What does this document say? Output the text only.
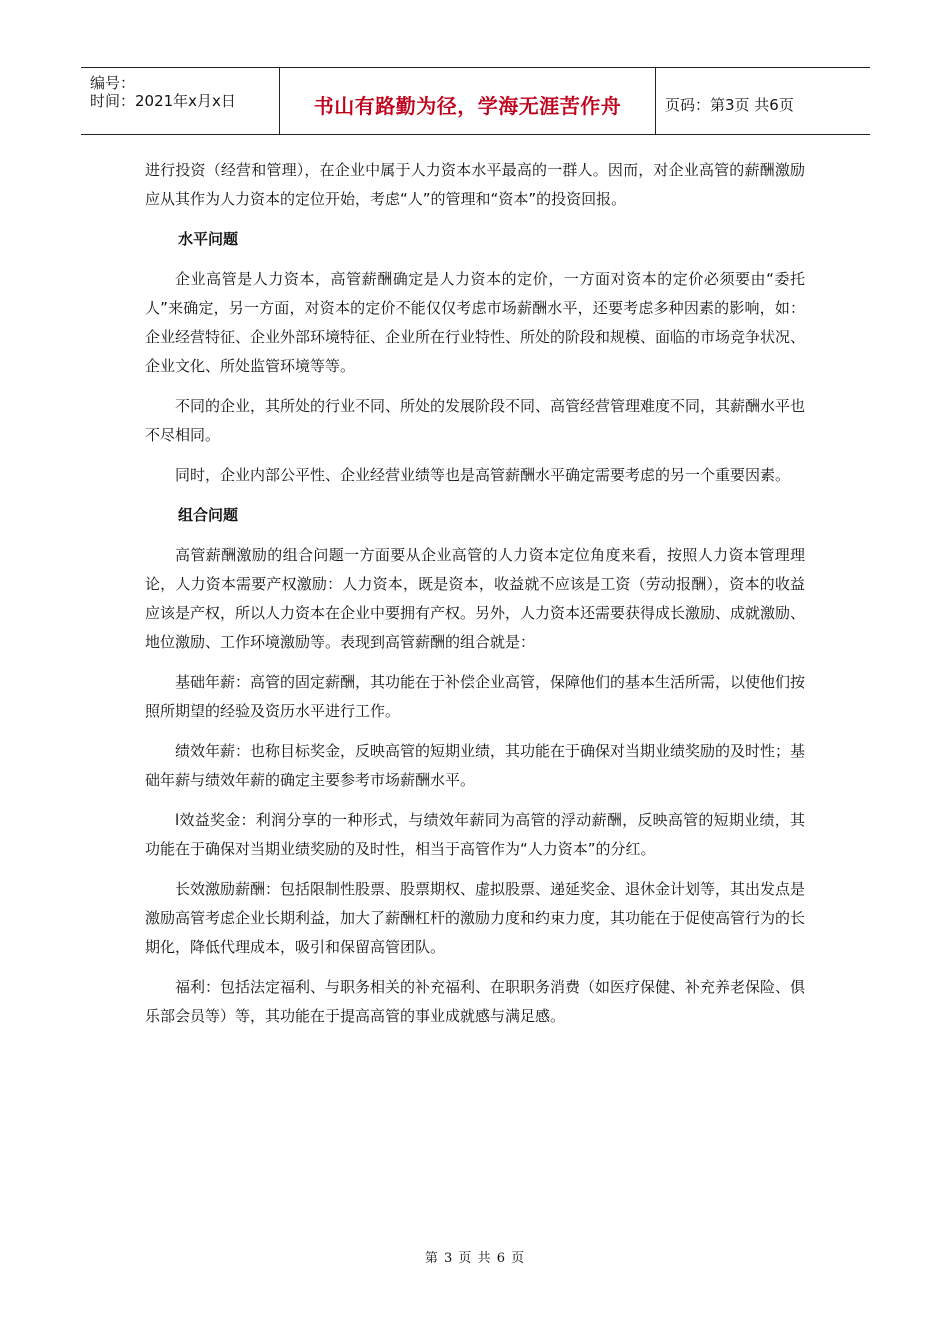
编号：
时间：2021年x月x日	书山有路勤为径，学海无涯苦作舟	页码：第3页 共6页

进行投资（经营和管理），在企业中属于人力资本水平最高的一群人。因而，对企业高管的薪酬激励应从其作为人力资本的定位开始，考虑“人”的管理和“资本”的投资回报。

水平问题

企业高管是人力资本，高管薪酬确定是人力资本的定价，一方面对资本的定价必须要由“委托人”来确定，另一方面，对资本的定价不能仅仅考虑市场薪酬水平，还要考虑多种因素的影响，如：企业经营特征、企业外部环境特征、企业所在行业特性、所处的阶段和规模、面临的市场竞争状况、企业文化、所处监管环境等等。

不同的企业，其所处的行业不同、所处的发展阶段不同、高管经营管理难度不同，其薪酬水平也不尽相同。

同时，企业内部公平性、企业经营业绩等也是高管薪酬水平确定需要考虑的另一个重要因素。

组合问题

高管薪酬激励的组合问题一方面要从企业高管的人力资本定位角度来看，按照人力资本管理理论，人力资本需要产权激励：人力资本，既是资本，收益就不应该是工资（劳动报酬），资本的收益应该是产权，所以人力资本在企业中要拥有产权。另外，人力资本还需要获得成长激励、成就激励、地位激励、工作环境激励等。表现到高管薪酬的组合就是：

基础年薪：高管的固定薪酬，其功能在于补偿企业高管，保障他们的基本生活所需，以使他们按照所期望的经验及资历水平进行工作。

绩效年薪：也称目标奖金，反映高管的短期业绩，其功能在于确保对当期业绩奖励的及时性；基础年薪与绩效年薪的确定主要参考市场薪酬水平。

l效益奖金：利润分享的一种形式，与绩效年薪同为高管的浮动薪酬，反映高管的短期业绩，其功能在于确保对当期业绩奖励的及时性，相当于高管作为“人力资本”的分红。

长效激励薪酬：包括限制性股票、股票期权、虚拟股票、递延奖金、退休金计划等，其出发点是激励高管考虑企业长期利益，加大了薪酬杠杆的激励力度和约束力度，其功能在于促使高管行为的长期化，降低代理成本，吸引和保留高管团队。

福利：包括法定福利、与职务相关的补充福利、在职职务消费（如医疗保健、补充养老保险、俱乐部会员等）等，其功能在于提高高管的事业成就感与满足感。

第 3 页 共 6 页
